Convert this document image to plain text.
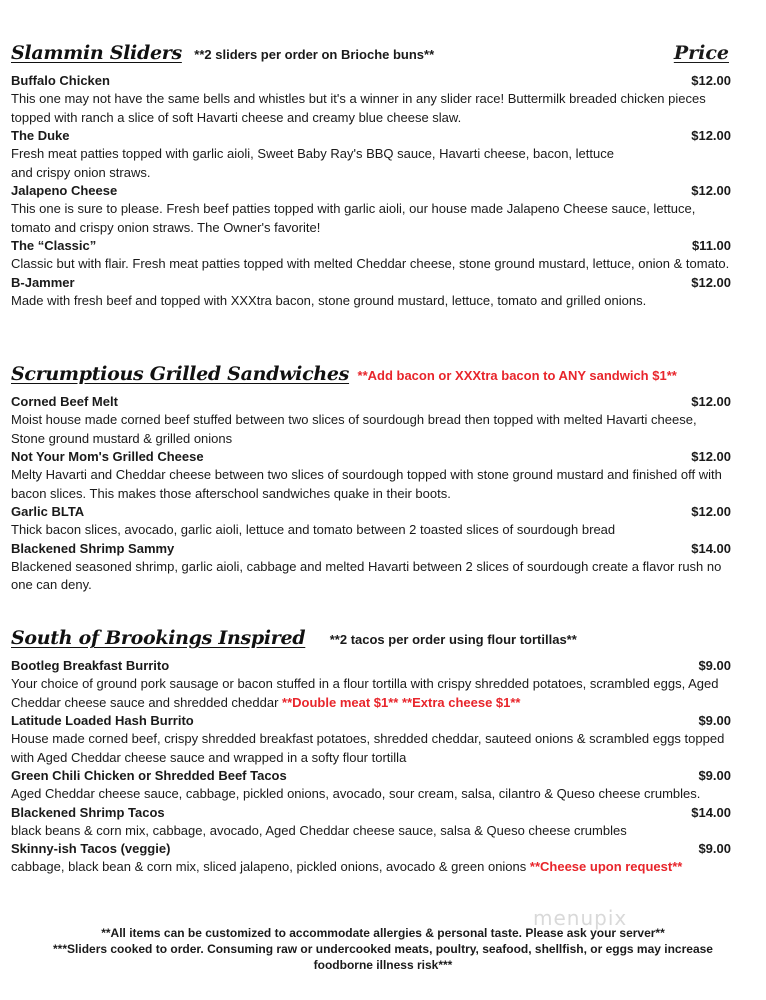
Slammin Sliders **2 sliders per order on Brioche buns**	Price
Buffalo Chicken	$12.00
This one may not have the same bells and whistles but it's a winner in any slider race! Buttermilk breaded chicken pieces topped with ranch a slice of soft Havarti cheese and creamy blue cheese slaw.
The Duke	$12.00
Fresh meat patties topped with garlic aioli, Sweet Baby Ray's BBQ sauce, Havarti cheese, bacon, lettuce
and crispy onion straws.
Jalapeno Cheese	$12.00
This one is sure to please. Fresh beef patties topped with garlic aioli, our house made Jalapeno Cheese sauce, lettuce, tomato and crispy onion straws. The Owner's favorite!
The “Classic”	$11.00
Classic but with flair. Fresh meat patties topped with melted Cheddar cheese, stone ground mustard, lettuce, onion & tomato.
B-Jammer	$12.00
Made with fresh beef and topped with XXXtra bacon, stone ground mustard, lettuce, tomato and grilled onions.
Scrumptious Grilled Sandwiches **Add bacon or XXXtra bacon to ANY sandwich $1**
Corned Beef Melt	$12.00
Moist house made corned beef stuffed between two slices of sourdough bread then topped with melted Havarti cheese,
Stone ground mustard & grilled onions
Not Your Mom's Grilled Cheese	$12.00
Melty Havarti and Cheddar cheese between two slices of sourdough topped with stone ground mustard and finished off with bacon slices. This makes those afterschool sandwiches quake in their boots.
Garlic BLTA	$12.00
Thick bacon slices, avocado, garlic aioli, lettuce and tomato between 2 toasted slices of sourdough bread
Blackened Shrimp Sammy	$14.00
Blackened seasoned shrimp, garlic aioli, cabbage and melted Havarti between 2 slices of sourdough create a flavor rush no one can deny.
South of Brookings Inspired **2 tacos per order using flour tortillas**
Bootleg Breakfast Burrito	$9.00
Your choice of ground pork sausage or bacon stuffed in a flour tortilla with crispy shredded potatoes, scrambled eggs, Aged Cheddar cheese sauce and shredded cheddar **Double meat $1** **Extra cheese $1**
Latitude Loaded Hash Burrito	$9.00
House made corned beef, crispy shredded breakfast potatoes, shredded cheddar, sauteed onions & scrambled eggs topped with Aged Cheddar cheese sauce and wrapped in a softy flour tortilla
Green Chili Chicken or Shredded Beef Tacos	$9.00
Aged Cheddar cheese sauce, cabbage, pickled onions, avocado, sour cream, salsa, cilantro & Queso cheese crumbles.
Blackened Shrimp Tacos	$14.00
black beans & corn mix, cabbage, avocado, Aged Cheddar cheese sauce, salsa & Queso cheese crumbles
Skinny-ish Tacos (veggie)	$9.00
cabbage, black bean & corn mix, sliced jalapeno, pickled onions, avocado & green onions **Cheese upon request**
menupix
**All items can be customized to accommodate allergies & personal taste. Please ask your server**
***Sliders cooked to order. Consuming raw or undercooked meats, poultry, seafood, shellfish, or eggs may increase
foodborne illness risk***
